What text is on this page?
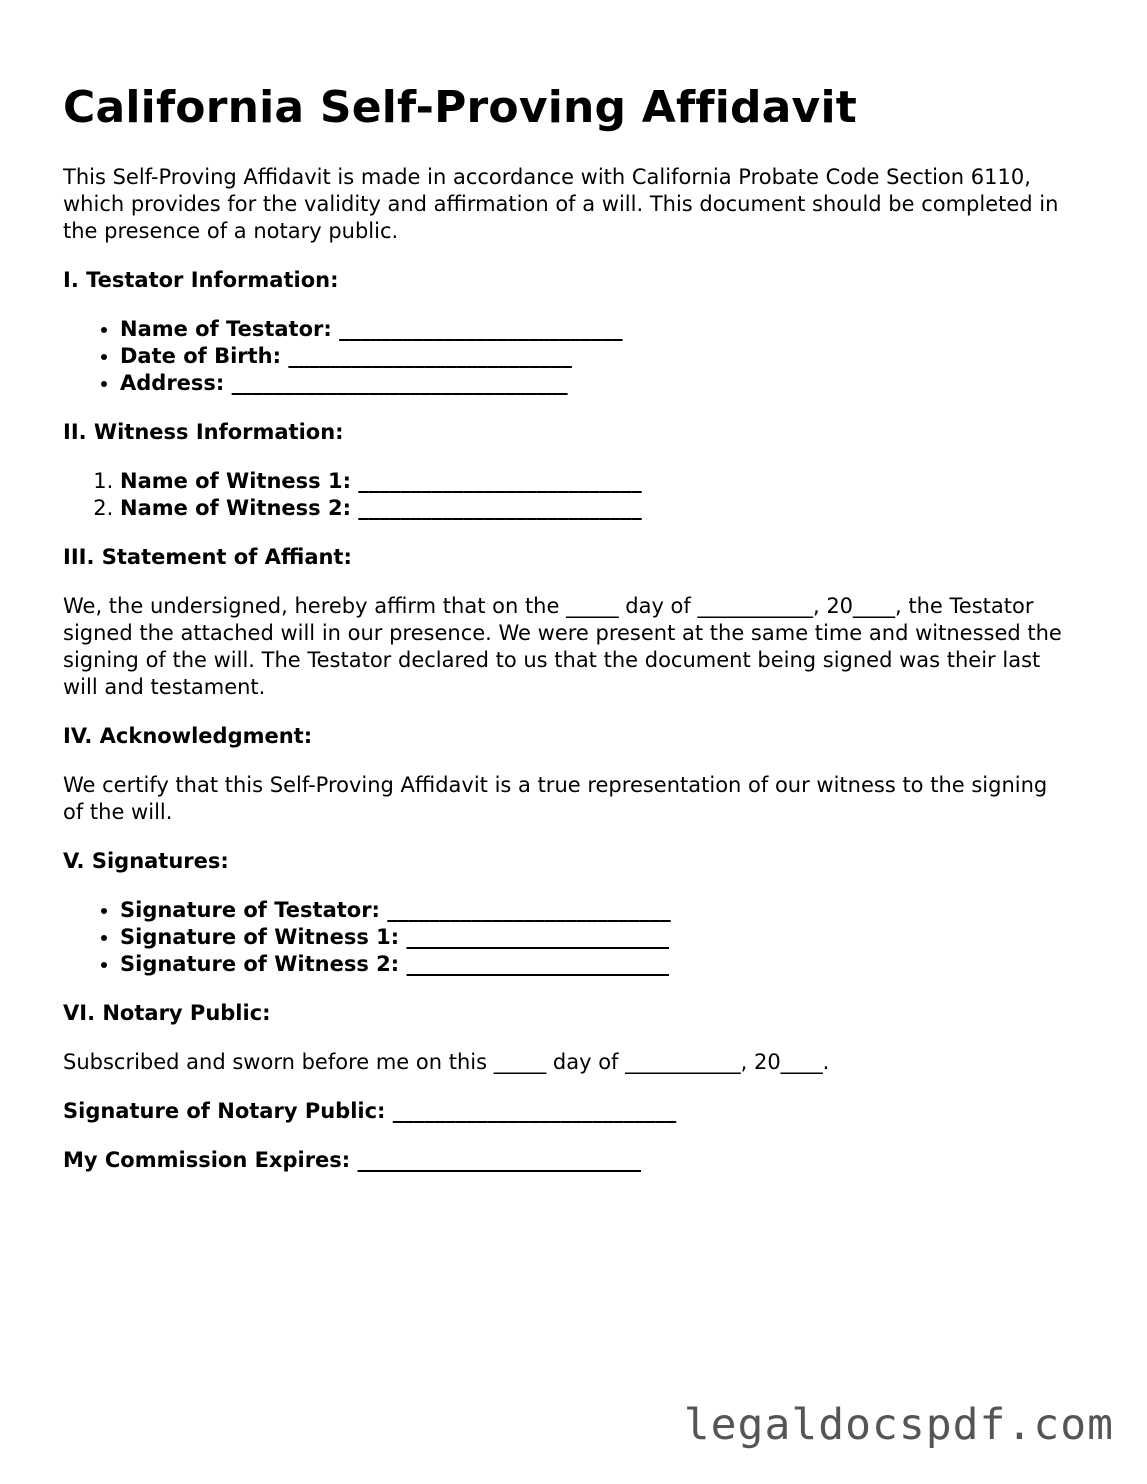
California Self-Proving Affidavit

This Self-Proving Affidavit is made in accordance with California Probate Code Section 6110, which provides for the validity and affirmation of a will. This document should be completed in the presence of a notary public.

I. Testator Information:
• Name of Testator: ___________________________
• Date of Birth: ___________________________
• Address: ________________________________
II. Witness Information:
1. Name of Witness 1: ___________________________
2. Name of Witness 2: ___________________________
III. Statement of Affiant:

We, the undersigned, hereby affirm that on the _____ day of ___________, 20____, the Testator signed the attached will in our presence. We were present at the same time and witnessed the signing of the will. The Testator declared to us that the document being signed was their last will and testament.

IV. Acknowledgment:

We certify that this Self-Proving Affidavit is a true representation of our witness to the signing of the will.

V. Signatures:
• Signature of Testator: ___________________________
• Signature of Witness 1: _________________________
• Signature of Witness 2: _________________________
VI. Notary Public:

Subscribed and sworn before me on this _____ day of ___________, 20____.

Signature of Notary Public: ___________________________

My Commission Expires: ___________________________

legaldocspdf.com
